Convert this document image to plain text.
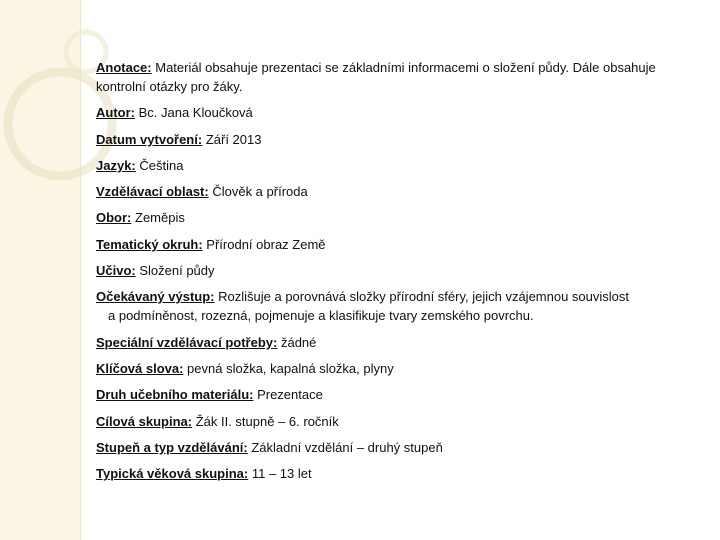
Anotace: Materiál obsahuje prezentaci se základními informacemi o složení půdy. Dále obsahuje kontrolní otázky pro žáky.
Autor: Bc. Jana Kloučková
Datum vytvoření: Září 2013
Jazyk: Čeština
Vzdělávací oblast: Člověk a příroda
Obor: Zeměpis
Tematický okruh: Přírodní obraz Země
Učivo: Složení půdy
Očekávaný výstup: Rozlišuje a porovnává složky přírodní sféry, jejich vzájemnou souvislost
a podmíněnost, rozezná, pojmenuje a klasifikuje tvary zemského povrchu.
Speciální vzdělávací potřeby: žádné
Klíčová slova: pevná složka, kapalná složka, plyny
Druh učebního materiálu: Prezentace
Cílová skupina: Žák II. stupně – 6. ročník
Stupeň a typ vzdělávání: Základní vzdělání – druhý stupeň
Typická věková skupina: 11 – 13 let
